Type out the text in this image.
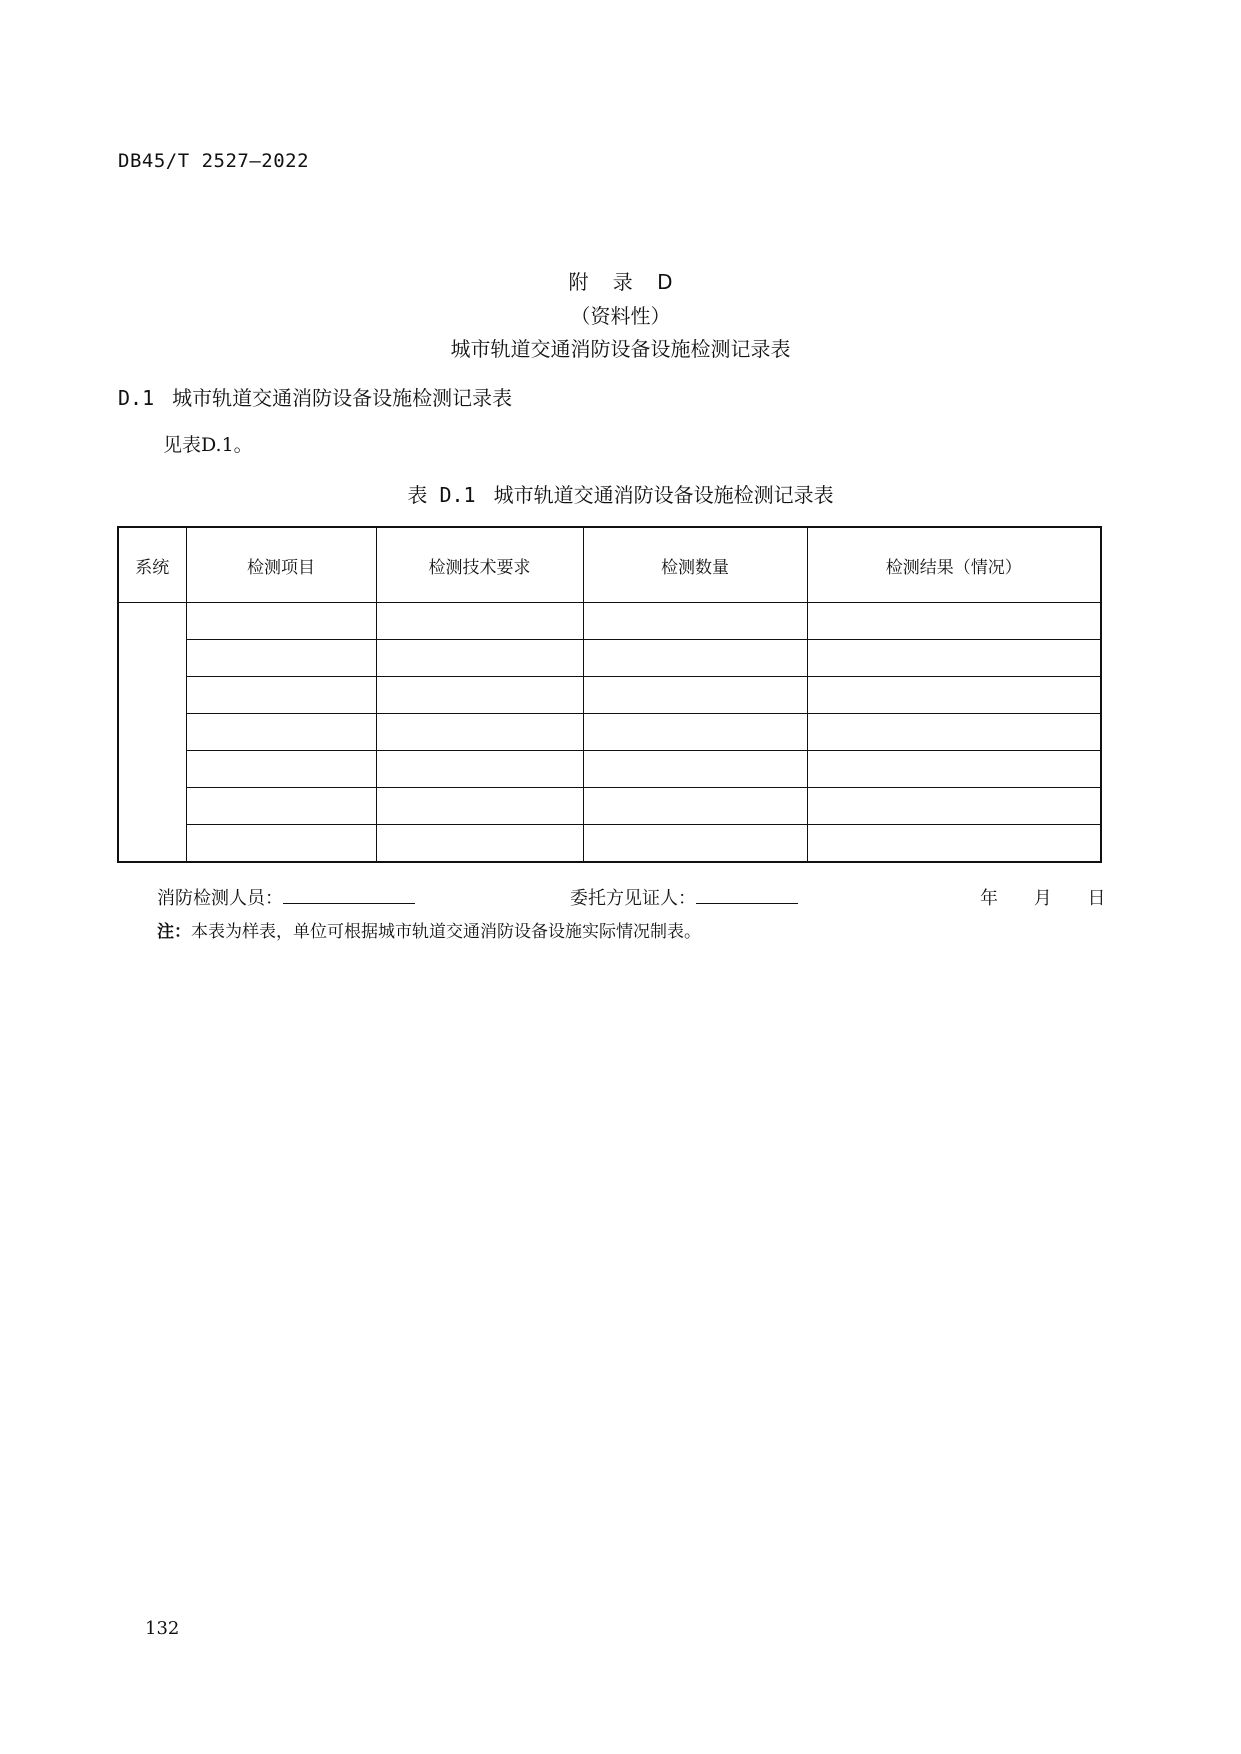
DB45/T 2527—2022
附 录 D
（资料性）
城市轨道交通消防设备设施检测记录表
D.1 城市轨道交通消防设备设施检测记录表
见表D.1。
表 D.1 城市轨道交通消防设备设施检测记录表
系统	检测项目	检测技术要求	检测数量	检测结果（情况）

消防检测人员：	委托方见证人：	年 月 日
注：本表为样表，单位可根据城市轨道交通消防设备设施实际情况制表。
132
